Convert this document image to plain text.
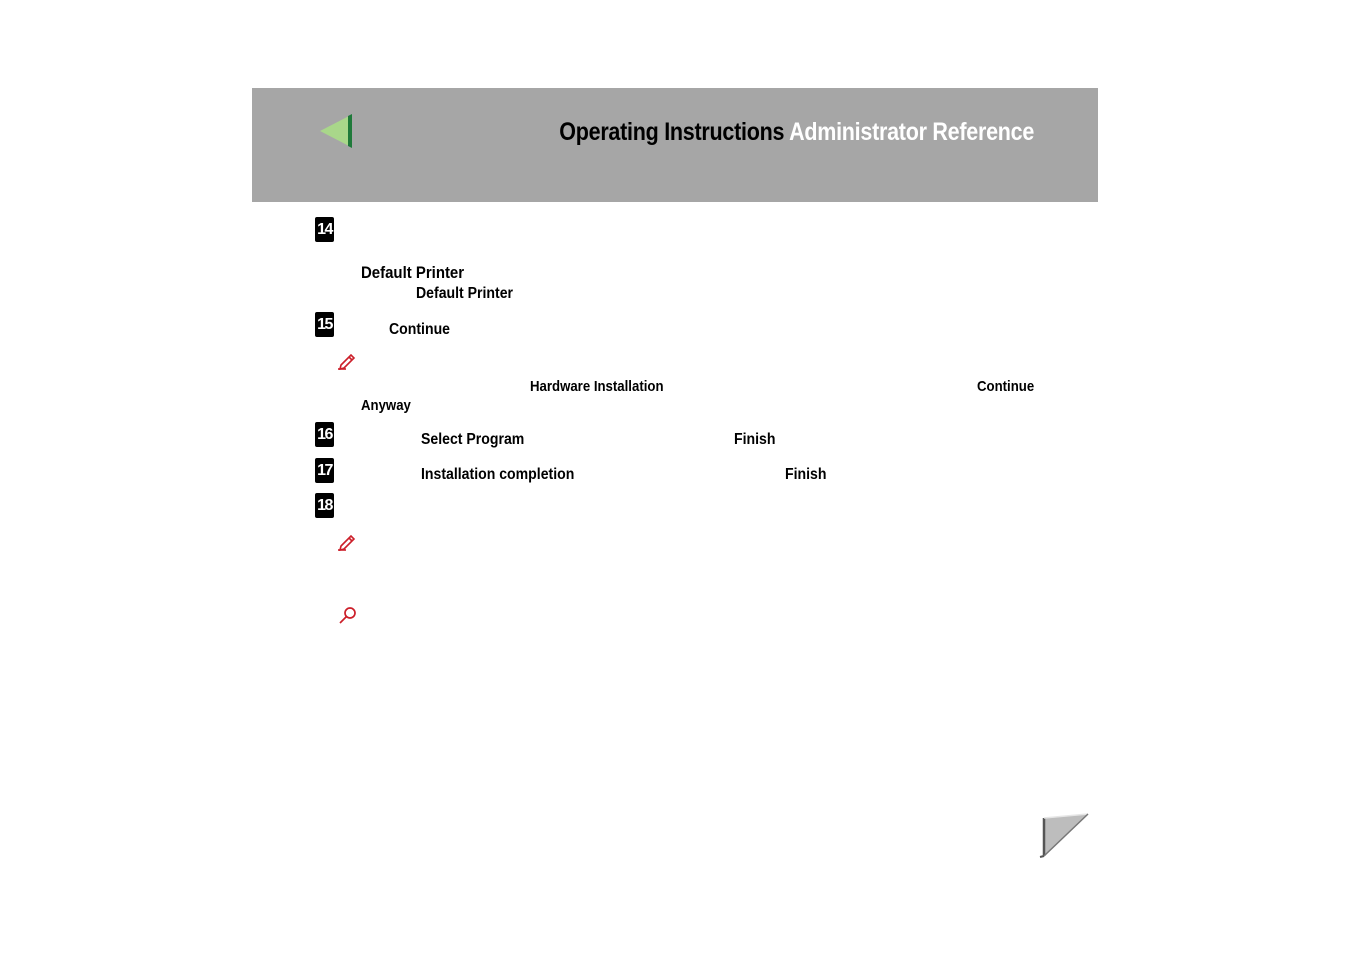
Operating Instructions Administrator Reference
14
Default Printer
Default Printer
15	Continue
Hardware Installation	Continue
Anyway
16	Select Program	Finish
17	Installation completion	Finish
18
